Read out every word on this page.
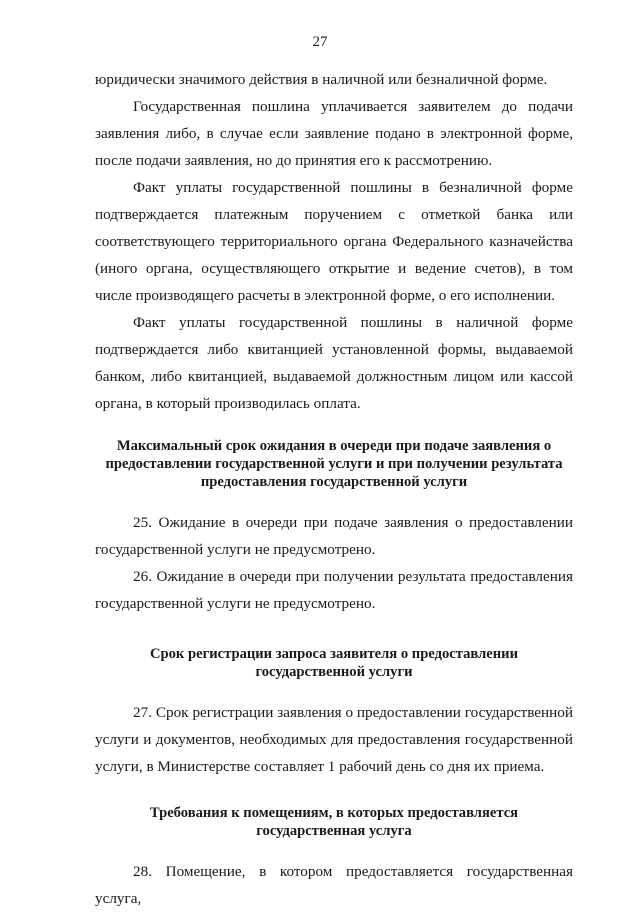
27

юридически значимого действия в наличной или безналичной форме.

Государственная пошлина уплачивается заявителем до подачи заявления либо, в случае если заявление подано в электронной форме, после подачи заявления, но до принятия его к рассмотрению.

Факт уплаты государственной пошлины в безналичной форме подтверждается платежным поручением с отметкой банка или соответствующего территориального органа Федерального казначейства (иного органа, осуществляющего открытие и ведение счетов), в том числе производящего расчеты в электронной форме, о его исполнении.

Факт уплаты государственной пошлины в наличной форме подтверждается либо квитанцией установленной формы, выдаваемой банком, либо квитанцией, выдаваемой должностным лицом или кассой органа, в который производилась оплата.

Максимальный срок ожидания в очереди при подаче заявления о предоставлении государственной услуги и при получении результата предоставления государственной услуги

25. Ожидание в очереди при подаче заявления о предоставлении государственной услуги не предусмотрено.

26. Ожидание в очереди при получении результата предоставления государственной услуги не предусмотрено.

Срок регистрации запроса заявителя о предоставлении государственной услуги

27. Срок регистрации заявления о предоставлении государственной услуги и документов, необходимых для предоставления государственной услуги, в Министерстве составляет 1 рабочий день со дня их приема.

Требования к помещениям, в которых предоставляется государственная услуга

28. Помещение, в котором предоставляется государственная услуга,
